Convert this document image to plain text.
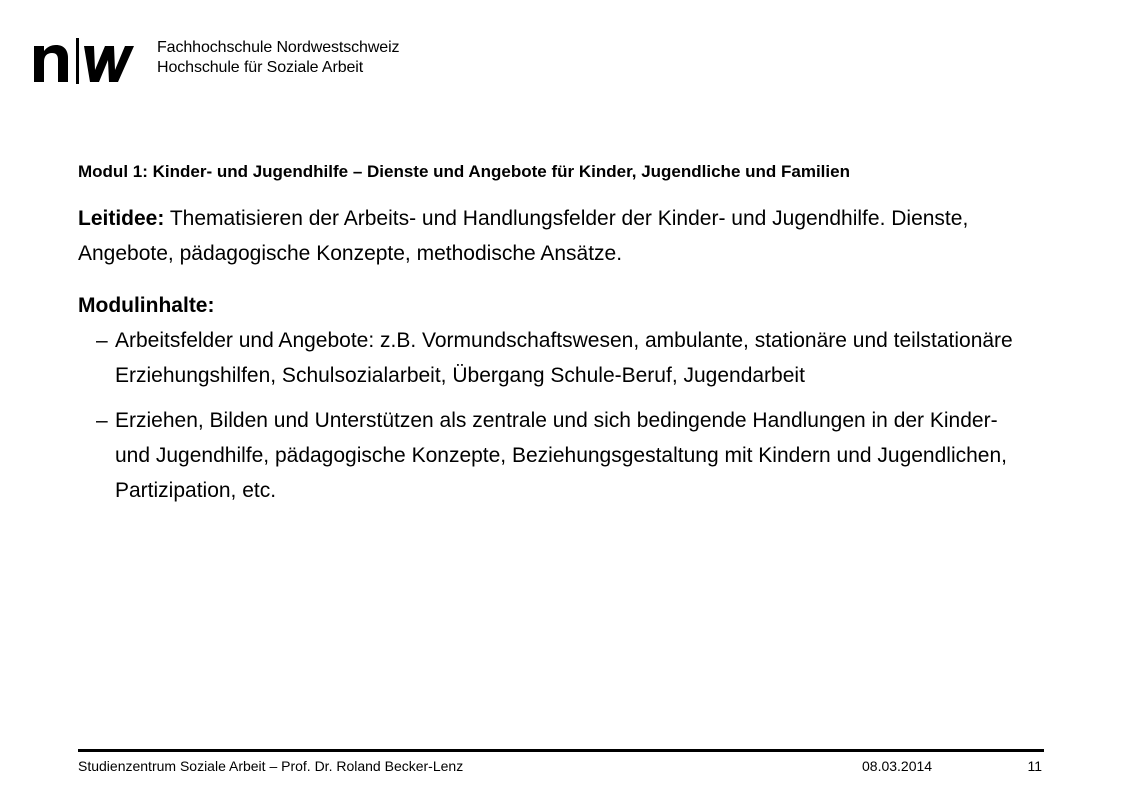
Fachhochschule Nordwestschweiz
Hochschule für Soziale Arbeit
Modul 1: Kinder- und Jugendhilfe – Dienste und Angebote für Kinder, Jugendliche und Familien
Leitidee: Thematisieren der Arbeits- und Handlungsfelder der Kinder- und Jugendhilfe. Dienste, Angebote, pädagogische Konzepte, methodische Ansätze.
Modulinhalte:
– Arbeitsfelder und Angebote: z.B. Vormundschaftswesen, ambulante, stationäre und teilstationäre Erziehungshilfen, Schulsozialarbeit, Übergang Schule-Beruf, Jugendarbeit
– Erziehen, Bilden und Unterstützen als zentrale und sich bedingende Handlungen in der Kinder- und Jugendhilfe, pädagogische Konzepte, Beziehungsgestaltung mit Kindern und Jugendlichen, Partizipation, etc.
Studienzentrum Soziale Arbeit – Prof. Dr. Roland Becker-Lenz	08.03.2014	11
